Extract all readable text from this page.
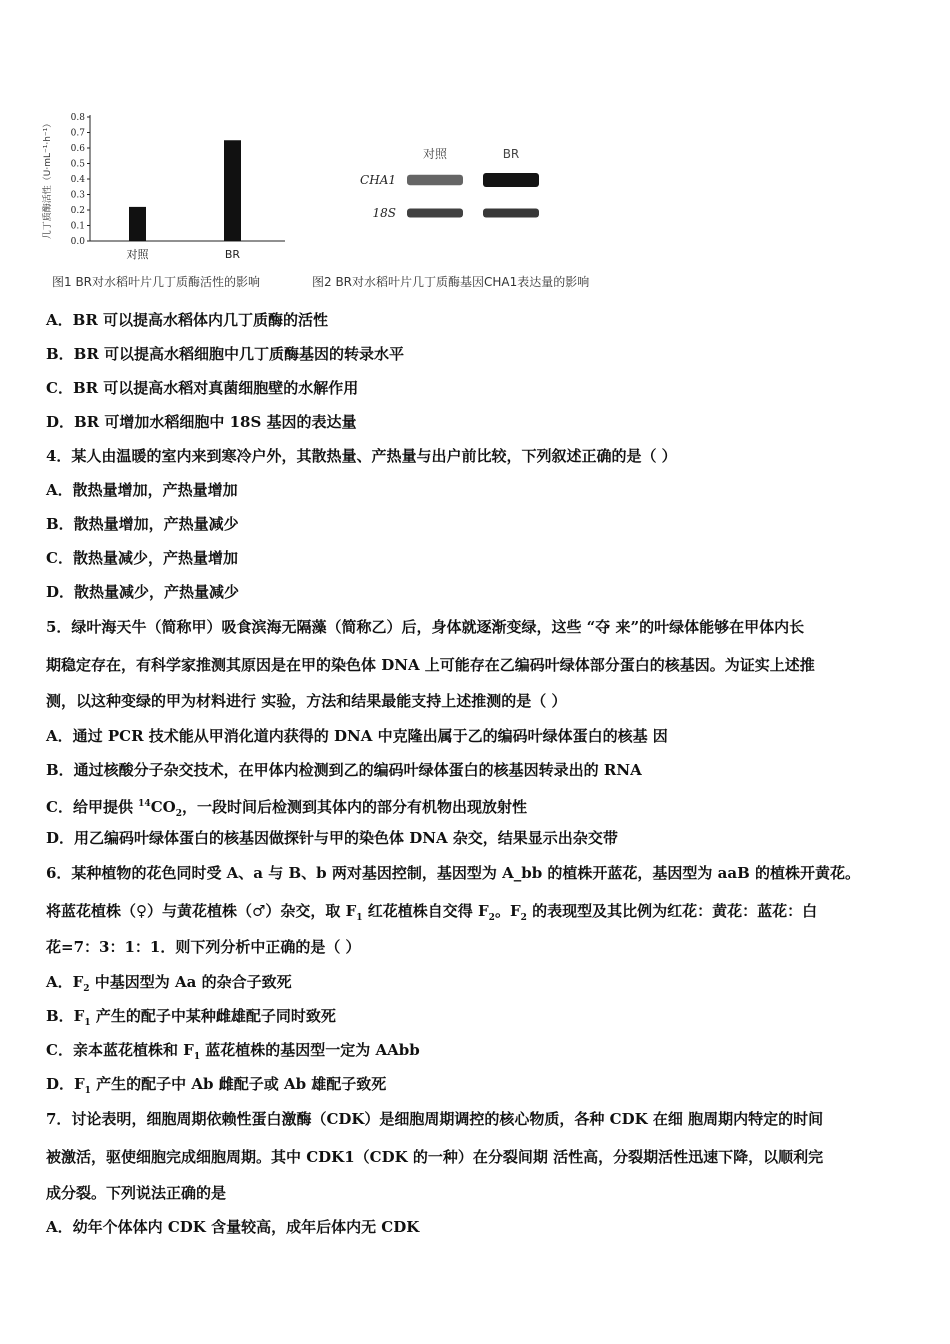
0.0
0.1
0.2
0.3
0.4
0.5
0.6
0.7
0.8
对照	BR
几丁质酶活性（U·mL⁻¹·h⁻¹）	对照	BR
CHA1
18S
图1 BR对水稻叶片几丁质酶活性的影响	图2 BR对水稻叶片几丁质酶基因CHA1表达量的影响
A．BR 可以提高水稻体内几丁质酶的活性
B．BR 可以提高水稻细胞中几丁质酶基因的转录水平
C．BR 可以提高水稻对真菌细胞壁的水解作用
D．BR 可增加水稻细胞中 18S 基因的表达量
4．某人由温暖的室内来到寒冷户外，其散热量、产热量与出户前比较，下列叙述正确的是（ ）
A．散热量增加，产热量增加
B．散热量增加，产热量减少
C．散热量减少，产热量增加
D．散热量减少，产热量减少
5．绿叶海天牛（简称甲）吸食滨海无隔藻（简称乙）后，身体就逐渐变绿，这些 “夺 来”的叶绿体能够在甲体内长
期稳定存在，有科学家推测其原因是在甲的染色体 DNA 上可能存在乙编码叶绿体部分蛋白的核基因。为证实上述推
测，以这种变绿的甲为材料进行 实验，方法和结果最能支持上述推测的是（ ）
A．通过 PCR 技术能从甲消化道内获得的 DNA 中克隆出属于乙的编码叶绿体蛋白的核基 因
B．通过核酸分子杂交技术，在甲体内检测到乙的编码叶绿体蛋白的核基因转录出的 RNA
C．给甲提供 $^{14}CO_2$，一段时间后检测到其体内的部分有机物出现放射性
D．用乙编码叶绿体蛋白的核基因做探针与甲的染色体 DNA 杂交，结果显示出杂交带
6．某种植物的花色同时受 A、a 与 B、b 两对基因控制，基因型为 A_bb 的植株开蓝花，基因型为 aaB 的植株开黄花。
将蓝花植株（♀）与黄花植株（♂）杂交，取 $F_1$ 红花植株自交得 $F_2$。$F_2$ 的表现型及其比例为红花：黄花：蓝花：白
花=7：3：1：1．则下列分析中正确的是（ ）
A．$F_2$ 中基因型为 Aa 的杂合子致死
B．$F_1$ 产生的配子中某种雌雄配子同时致死
C．亲本蓝花植株和 $F_1$ 蓝花植株的基因型一定为 AAbb
D．$F_1$ 产生的配子中 Ab 雌配子或 Ab 雄配子致死
7．讨论表明，细胞周期依赖性蛋白激酶（CDK）是细胞周期调控的核心物质，各种 CDK 在细 胞周期内特定的时间
被激活，驱使细胞完成细胞周期。其中 CDK1（CDK 的一种）在分裂间期 活性高，分裂期活性迅速下降，以顺利完
成分裂。下列说法正确的是
A．幼年个体体内 CDK 含量较高，成年后体内无 CDK
